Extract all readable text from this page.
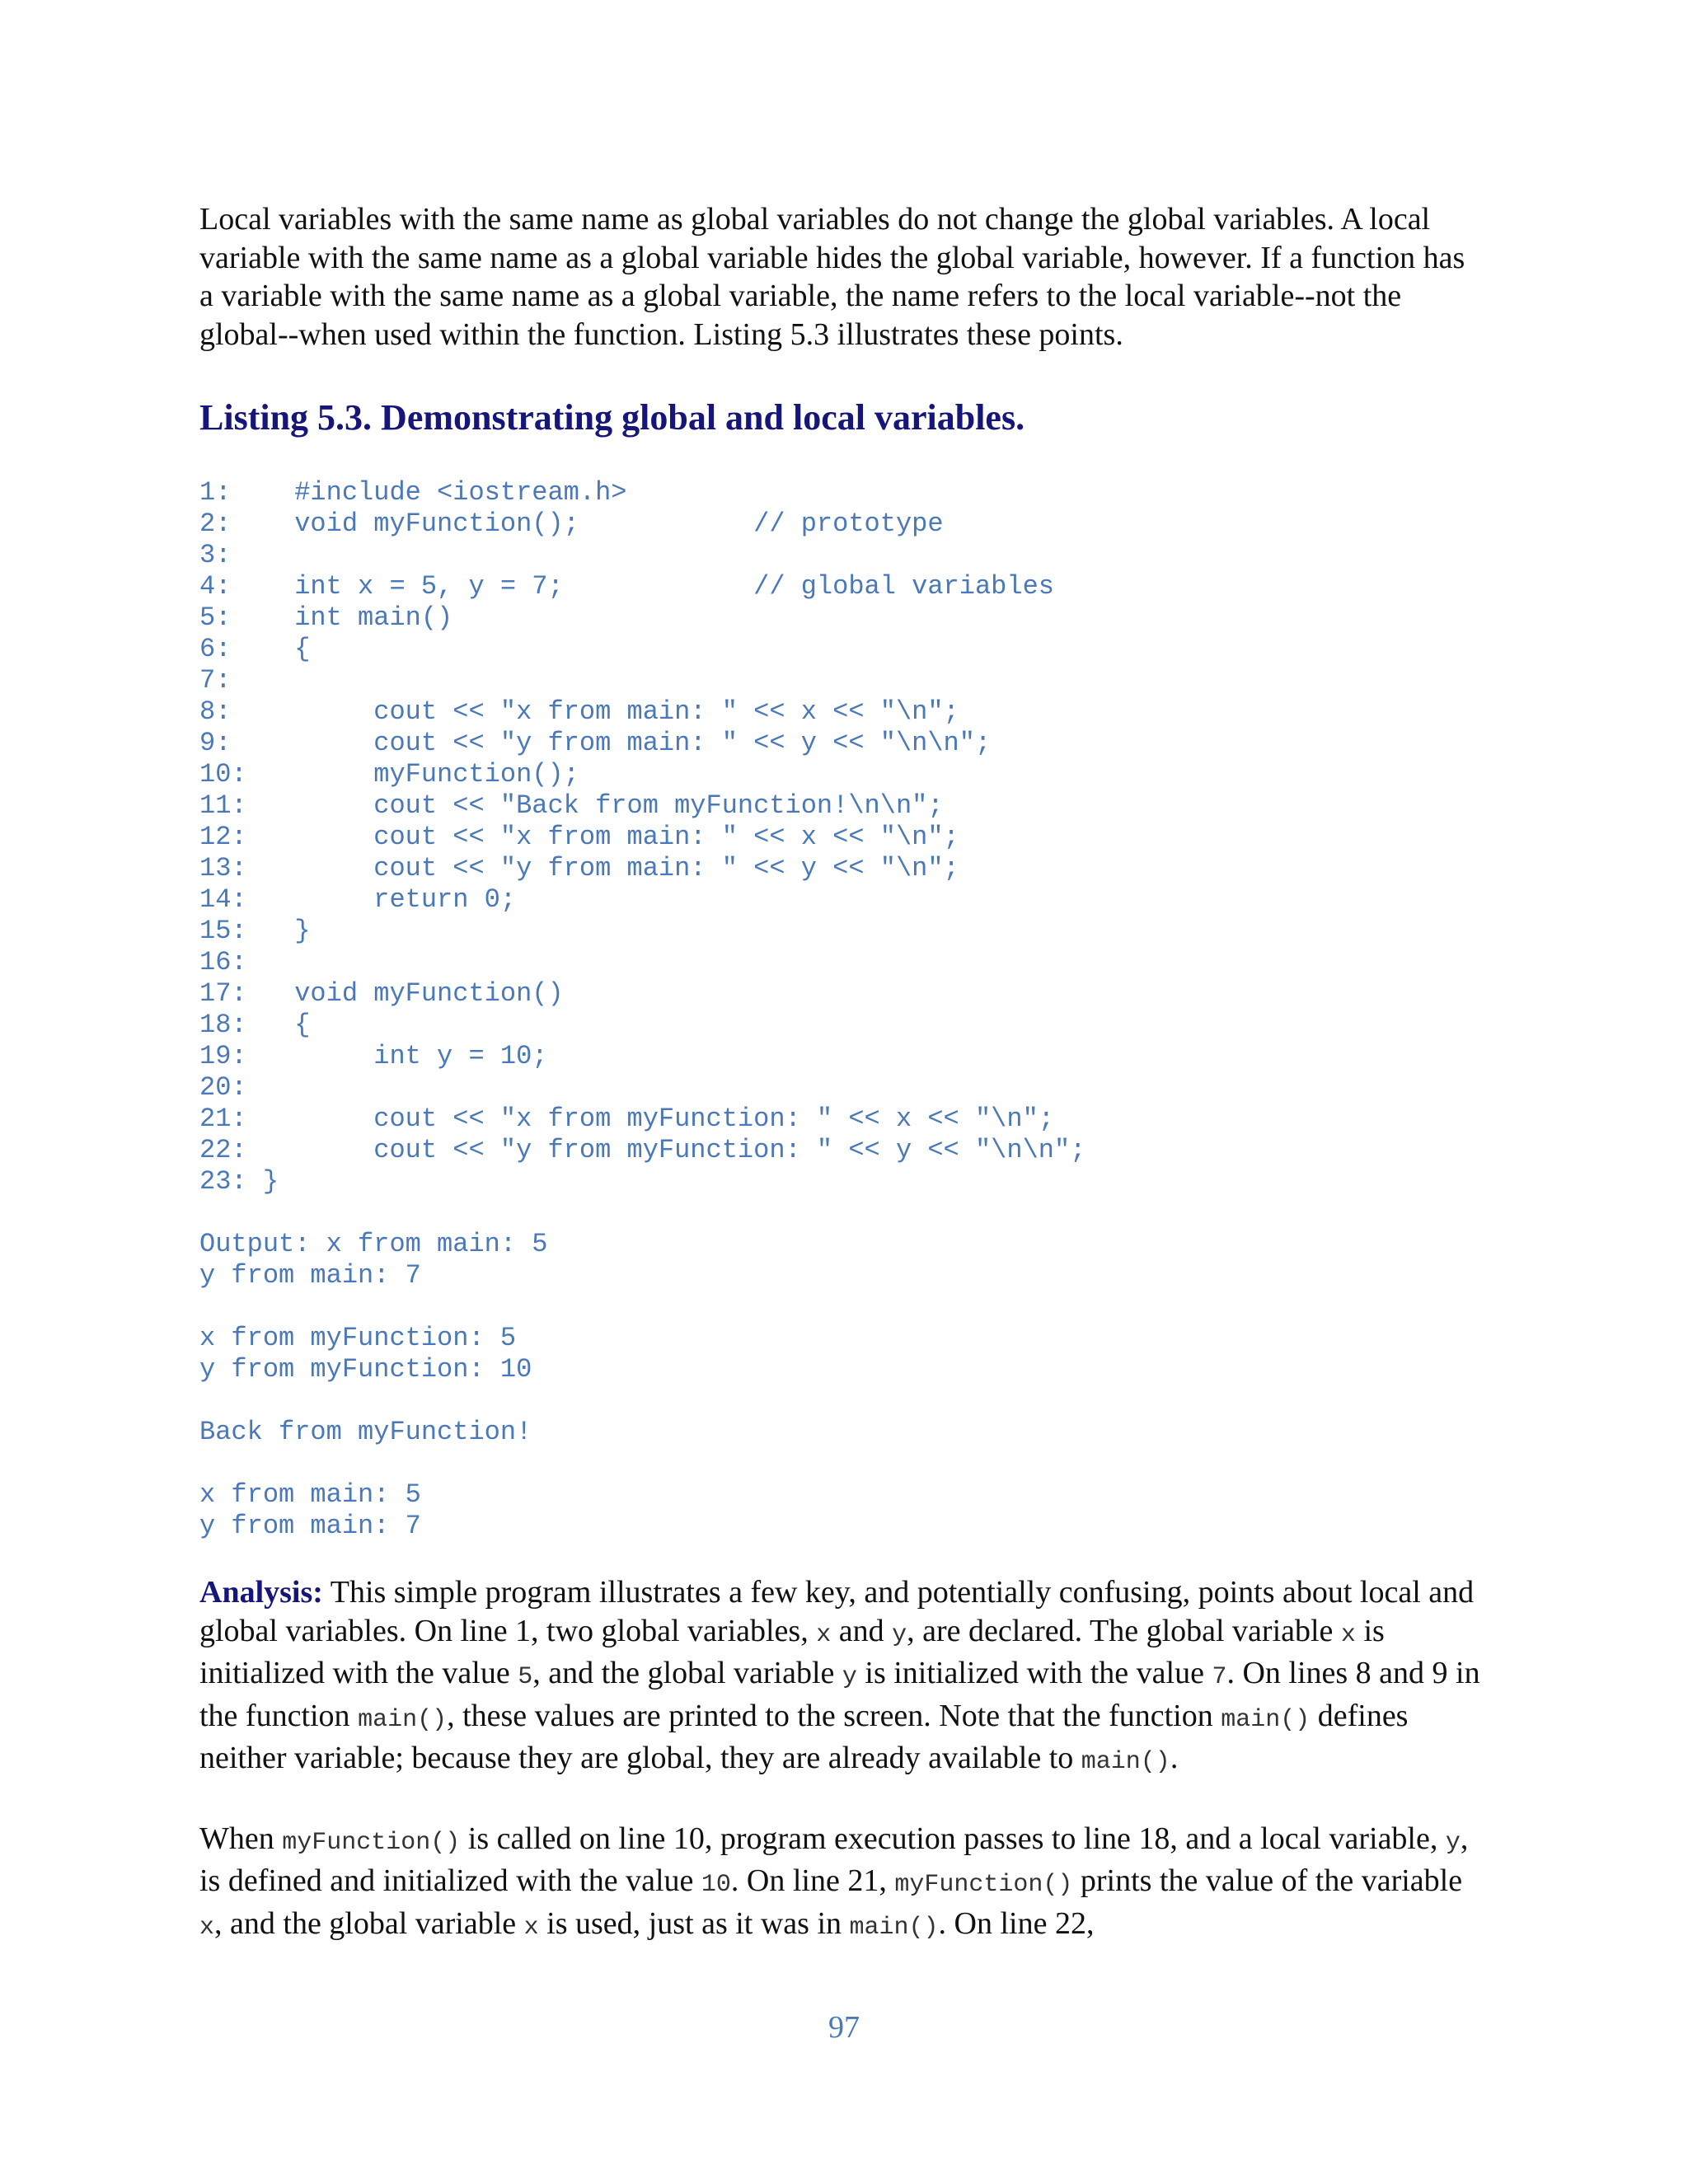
Local variables with the same name as global variables do not change the global variables. A local variable with the same name as a global variable hides the global variable, however. If a function has a variable with the same name as a global variable, the name refers to the local variable--not the global--when used within the function. Listing 5.3 illustrates these points.

Listing 5.3. Demonstrating global and local variables.
1:    #include <iostream.h>
2:    void myFunction();           // prototype
3:
4:    int x = 5, y = 7;            // global variables
5:    int main()
6:    {
7:
8:         cout << "x from main: " << x << "\n";
9:         cout << "y from main: " << y << "\n\n";
10:        myFunction();
11:        cout << "Back from myFunction!\n\n";
12:        cout << "x from main: " << x << "\n";
13:        cout << "y from main: " << y << "\n";
14:        return 0;
15:   }
16:
17:   void myFunction()
18:   {
19:        int y = 10;
20:
21:        cout << "x from myFunction: " << x << "\n";
22:        cout << "y from myFunction: " << y << "\n\n";
23: }
Output: x from main: 5
y from main: 7
x from myFunction: 5
y from myFunction: 10
Back from myFunction!
x from main: 5
y from main: 7

Analysis: This simple program illustrates a few key, and potentially confusing, points about local and global variables. On line 1, two global variables, x and y, are declared. The global variable x is initialized with the value 5, and the global variable y is initialized with the value 7. On lines 8 and 9 in the function main(), these values are printed to the screen. Note that the function main() defines neither variable; because they are global, they are already available to main().

When myFunction() is called on line 10, program execution passes to line 18, and a local variable, y, is defined and initialized with the value 10. On line 21, myFunction() prints the value of the variable x, and the global variable x is used, just as it was in main(). On line 22,

97
